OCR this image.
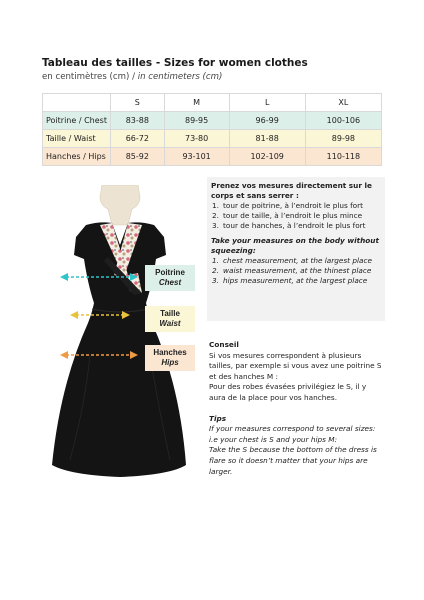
Tableau des tailles - Sizes for women clothes
en centimètres (cm) / in centimeters (cm)
	S	M	L	XL
Poitrine / Chest	83-88	89-95	96-99	100-106
Taille / Waist	66-72	73-80	81-88	89-98
Hanches / Hips	85-92	93-101	102-109	110-118
Poitrine
Chest
Taille
Waist
Hanches
Hips
Prenez vos mesures directement sur le corps et sans serrer :
1. tour de poitrine, à l’endroit le plus fort
2. tour de taille, à l’endroit le plus mince
3. tour de hanches, à l’endroit le plus fort
Take your measures on the body without squeezing:
1. chest measurement, at the largest place
2. waist measurement, at the thinest place
3. hips measurement, at the largest place
Conseil

Si vos mesures correspondent à plusieurs tailles, par exemple si vous avez une poitrine S et des hanches M :

Pour des robes évasées privilégiez le S, il y aura de la place pour vos hanches.

Tips

If your measures correspond to several sizes: i.e your chest is S and your hips M:

Take the S because the bottom of the dress is flare so it doesn’t matter that your hips are larger.
